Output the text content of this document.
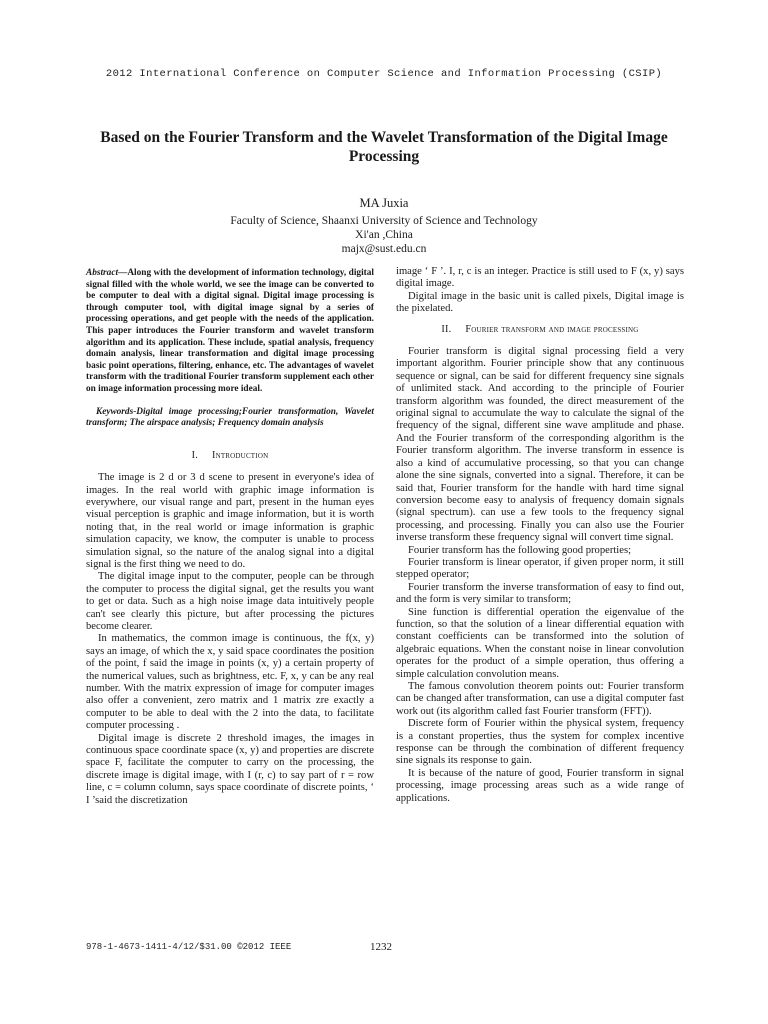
2012 International Conference on Computer Science and Information Processing (CSIP)
Based on the Fourier Transform and the Wavelet Transformation of the Digital Image Processing
MA Juxia
Faculty of Science, Shaanxi University of Science and Technology
Xi'an ,China
majx@sust.edu.cn

Abstract—Along with the development of information technology, digital signal filled with the whole world, we see the image can be converted to be computer to deal with a digital signal. Digital image processing is through computer tool, with digital image signal by a series of processing operations, and get people with the needs of the application. This paper introduces the Fourier transform and wavelet transform algorithm and its application. These include, spatial analysis, frequency domain analysis, linear transformation and digital image processing basic point operations, filtering, enhance, etc. The advantages of wavelet transform with the traditional Fourier transform supplement each other on image information processing more ideal.

Keywords-Digital image processing;Fourier transformation, Wavelet transform; The airspace analysis; Frequency domain analysis

I. Introduction

The image is 2 d or 3 d scene to present in everyone's idea of images. In the real world with graphic image information is everywhere, our visual range and part, present in the human eyes visual perception is graphic and image information, but it is worth noting that, in the real world or image information is graphic simulation capacity, we know, the computer is unable to process simulation signal, so the nature of the analog signal into a digital signal is the first thing we need to do.

The digital image input to the computer, people can be through the computer to process the digital signal, get the results you want to get or data. Such as a high noise image data intuitively people can't see clearly this picture, but after processing the pictures become clearer.

In mathematics, the common image is continuous, the f(x, y) says an image, of which the x, y said space coordinates the position of the point, f said the image in points (x, y) a certain property of the numerical values, such as brightness, etc. F, x, y can be any real number. With the matrix expression of image for computer images also offer a convenient, zero matrix and 1 matrix zre exactly a computer to be able to deal with the 2 into the data, to facilitate computer processing .

Digital image is discrete 2 threshold images, the images in continuous space coordinate space (x, y) and properties are discrete space F, facilitate the computer to carry on the processing, the discrete image is digital image, with I (r, c) to say part of r = row line, c = column column, says space coordinate of discrete points, ‘ I ’said the discretization

image ‘ F ’. I, r, c is an integer. Practice is still used to F (x, y) says digital image.

Digital image in the basic unit is called pixels, Digital image is the pixelated.

II. Fourier transform and image processing

Fourier transform is digital signal processing field a very important algorithm. Fourier principle show that any continuous sequence or signal, can be said for different frequency sine signals of unlimited stack. And according to the principle of Fourier transform algorithm was founded, the direct measurement of the original signal to accumulate the way to calculate the signal of the frequency of the signal, different sine wave amplitude and phase. And the Fourier transform of the corresponding algorithm is the Fourier transform algorithm. The inverse transform in essence is also a kind of accumulative processing, so that you can change alone the sine signals, converted into a signal. Therefore, it can be said that, Fourier transform for the handle with hard time signal conversion become easy to analysis of frequency domain signals (signal spectrum). can use a few tools to the frequency signal processing, and processing. Finally you can also use the Fourier inverse transform these frequency signal will convert time signal.

Fourier transform has the following good properties;

Fourier transform is linear operator, if given proper norm, it still stepped operator;

Fourier transform the inverse transformation of easy to find out, and the form is very similar to transform;

Sine function is differential operation the eigenvalue of the function, so that the solution of a linear differential equation with constant coefficients can be transformed into the solution of algebraic equations. When the constant noise in linear convolution operates for the product of a simple operation, thus offering a simple calculation convolution means.

The famous convolution theorem points out: Fourier transform can be changed after transformation, can use a digital computer fast work out (its algorithm called fast Fourier transform (FFT)).

Discrete form of Fourier within the physical system, frequency is a constant properties, thus the system for complex incentive response can be through the combination of different frequency sine signals its response to gain.

It is because of the nature of good, Fourier transform in signal processing, image processing areas such as a wide range of applications.

978-1-4673-1411-4/12/$31.00 ©2012 IEEE	1232
